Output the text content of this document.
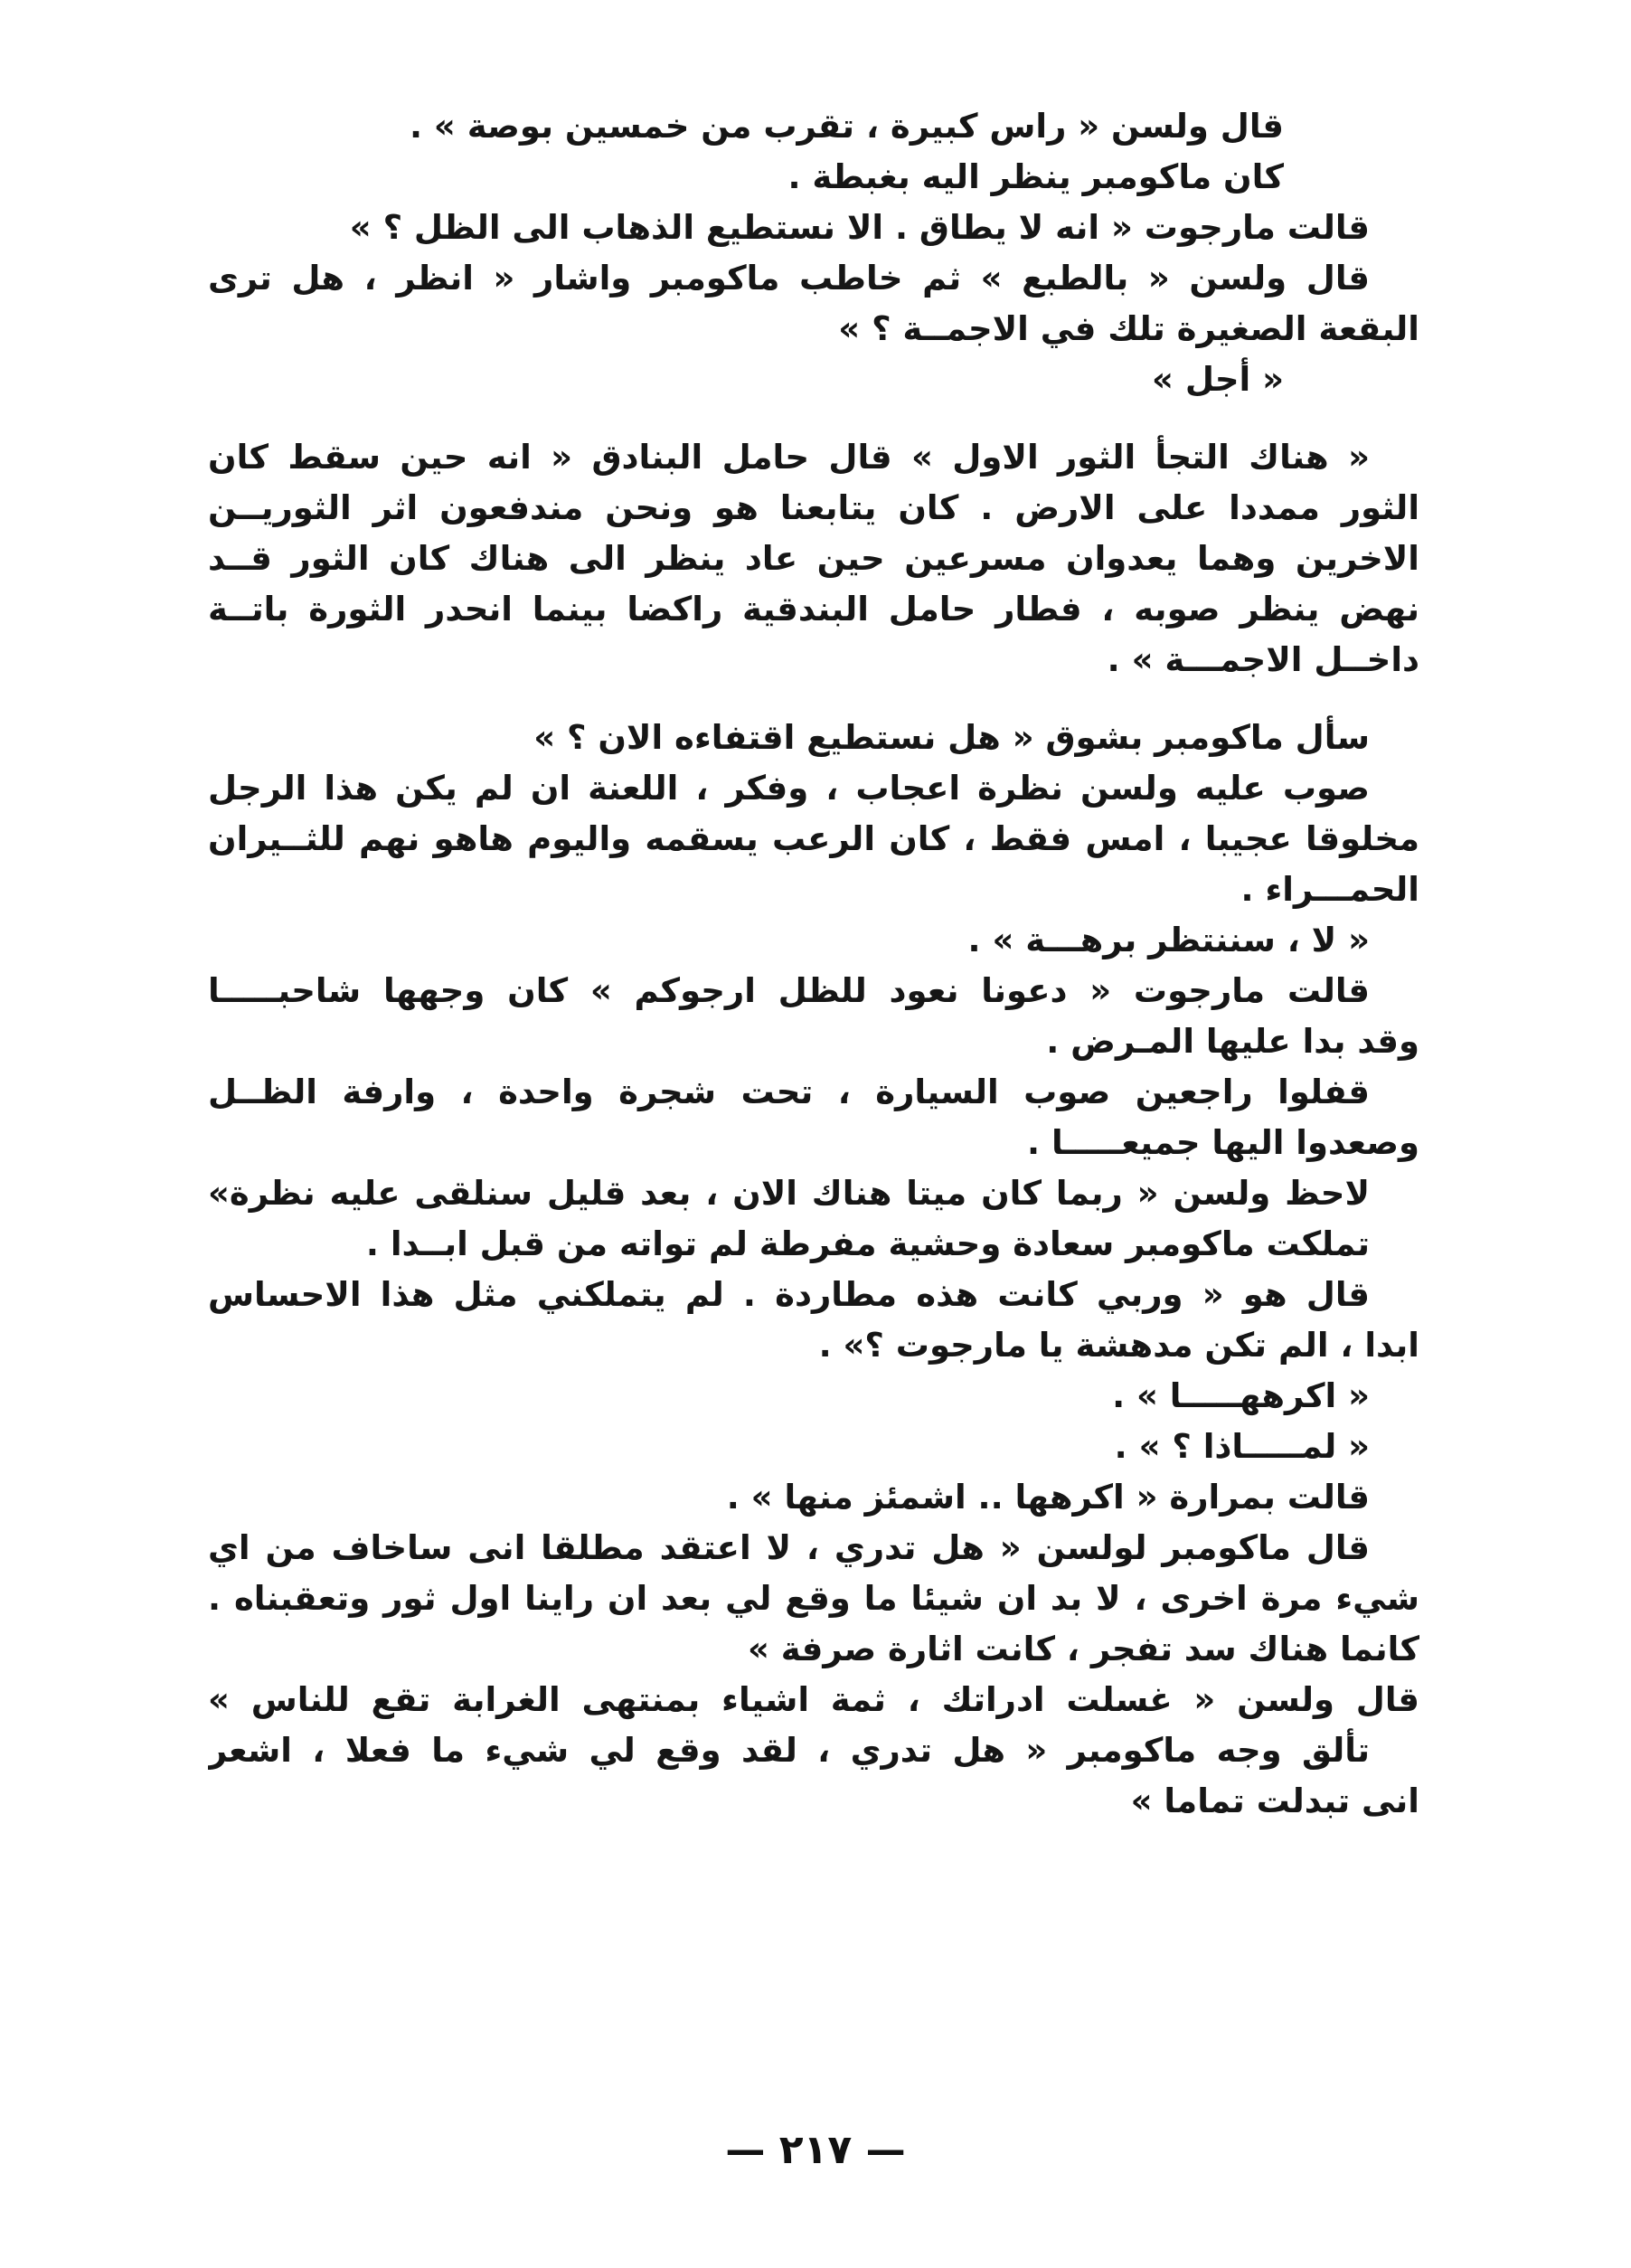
قال ولسن « راس كبيرة ، تقرب من خمسين بوصة » .
كان ماكومبر ينظر اليه بغبطة .
قالت مارجوت « انه لا يطاق . الا نستطيع الذهاب الى الظل ؟ »
قال ولسن « بالطبع » ثم خاطب ماكومبر واشار « انظر ، هل ترى
البقعة الصغيرة تلك في الاجمــة ؟ »
« أجل »
« هناك التجأ الثور الاول » قال حامل البنادق « انه حين سقط كان
الثور ممددا على الارض . كان يتابعنا هو ونحن مندفعون اثر الثوريــن
الاخرين وهما يعدوان مسرعين حين عاد ينظر الى هناك كان الثور قــد
نهض ينظر صوبه ، فطار حامل البندقية راكضا بينما انحدر الثورة باتــة
داخــل الاجمـــة » .
سأل ماكومبر بشوق « هل نستطيع اقتفاءه الان ؟ »
صوب عليه ولسن نظرة اعجاب ، وفكر ، اللعنة ان لم يكن هذا الرجل
مخلوقا عجيبا ، امس فقط ، كان الرعب يسقمه واليوم هاهو نهم للثــيران
الحمـــراء .
« لا ، سننتظر برهـــة » .
قالت مارجوت « دعونا نعود للظل ارجوكم » كان وجهها شاحبـــــا
وقد بدا عليها المـرض .
قفلوا راجعين صوب السيارة ، تحت شجرة واحدة ، وارفة الظــل
وصعدوا اليها جميعـــــا .
لاحظ ولسن « ربما كان ميتا هناك الان ، بعد قليل سنلقى عليه نظرة»
تملكت ماكومبر سعادة وحشية مفرطة لم تواته من قبل ابــدا .
قال هو « وربي كانت هذه مطاردة . لم يتملكني مثل هذا الاحساس
ابدا ، الم تكن مدهشة يا مارجوت ؟» .
« اكرههـــــا » .
« لمـــــاذا ؟ » .
قالت بمرارة « اكرهها .. اشمئز منها » .
قال ماكومبر لولسن « هل تدري ، لا اعتقد مطلقا انى ساخاف من اي
شيء مرة اخرى ، لا بد ان شيئا ما وقع لي بعد ان راينا اول ثور وتعقبناه .
كانما هناك سد تفجر ، كانت اثارة صرفة »
قال ولسن « غسلت ادراتك ، ثمة اشياء بمنتهى الغرابة تقع للناس »
تألق وجه ماكومبر « هل تدري ، لقد وقع لي شيء ما فعلا ، اشعر
انى تبدلت تماما »
— ٢١٧ —
